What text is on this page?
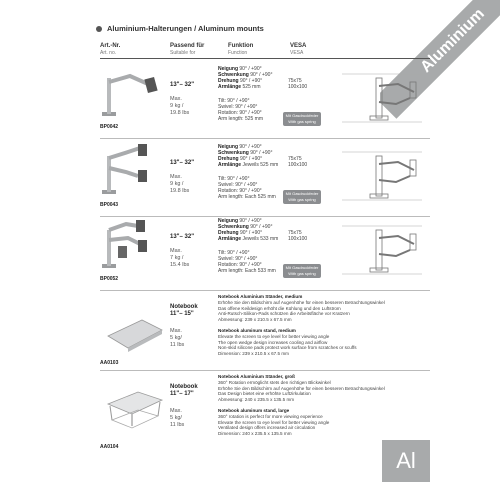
Aluminium
Aluminium-Halterungen / Aluminum mounts
Art.-Nr.
Art. no.
Passend für
Suitable for
Funktion
Function
VESA
VESA
BP0042
13"– 32"
Max.
9 kg /
19.8 lbs
Neigung 90° / +90°
Schwenkung 90° / +90°
Drehung 90° / +90°
Armlänge 525 mm
Tilt: 90° / +90°
Swivel: 90° / +90°
Rotation: 90° / +90°
Arm length: 525 mm
75x75
100x100
Mit Gasdruckfeder
With gas spring
BP0043
13"– 32"
Max.
9 kg /
19.8 lbs
Neigung 90° / +90°
Schwenkung 90° / +90°
Drehung 90° / +90°
Armlänge Jeweils 525 mm
Tilt: 90° / +90°
Swivel: 90° / +90°
Rotation: 90° / +90°
Arm length: Each 525 mm
75x75
100x100
Mit Gasdruckfeder
With gas spring
BP0052
13"– 32"
Max.
7 kg /
15.4 lbs
Neigung 90° / +90°
Schwenkung 90° / +90°
Drehung 90° / +90°
Armlänge Jeweils 533 mm
Tilt: 90° / +90°
Swivel: 90° / +90°
Rotation: 90° / +90°
Arm length: Each 533 mm
75x75
100x100
Mit Gasdruckfeder
With gas spring
AA0103
Notebook
11"– 15"
Max.
5 kg/
11 lbs
Notebook Aluminium Ständer, medium
Erhöhe Sie den Bildschirm auf Augenhöhe für einen besseren Betrachtungswinkel
Das offene Keildesign erhöht die Kühlung und den Luftstrom
Anti-Rutsch-Silikon-Pads schützen die Arbeitsfläche vor Kratzern
Abmessung: 239 x 210.5 x 67.5 mm
Notebook aluminum stand, medium
Elevate the screen to eye level for better viewing angle
The open wedge design increases cooling and airflow
Non-skid silicone pads protect work surface from scratches or scuffs
Dimension: 239 x 210.5 x 67.5 mm
AA0104
Notebook
11"– 17"
Max.
5 kg/
11 lbs
Notebook Aluminium Ständer, groß
360° Rotation ermöglicht stets den richtigen Blickwinkel
Erhöhe Sie den Bildschirm auf Augenhöhe für einen besseren Betrachtungswinkel
Das Design bietet eine erhöhte Luftzirkulation
Abmessung: 240 x 235.5 x 135.5 mm
Notebook aluminum stand, large
360° rotation is perfect for more viewing experience
Elevate the screen to eye level for better viewing angle
Ventilated design offers increased air circulation
Dimension: 240 x 235.5 x 135.5 mm
Al
